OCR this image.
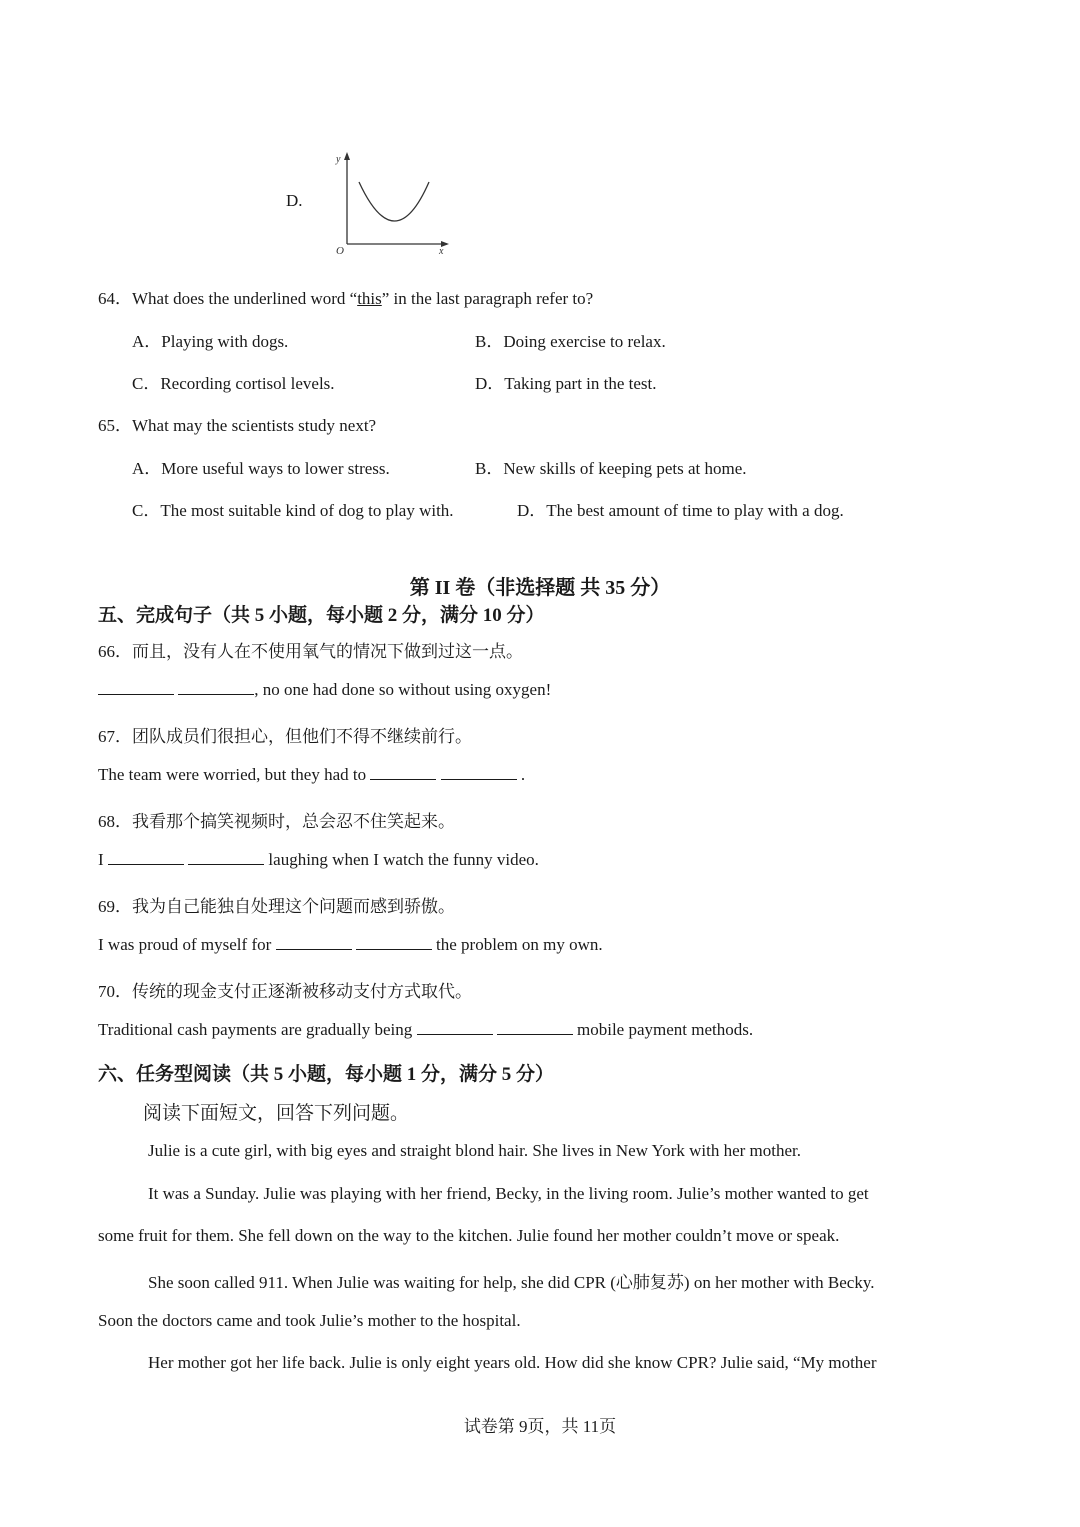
D.
y
x
O
64．What does the underlined word “this” in the last paragraph refer to?
A．Playing with dogs.	B．Doing exercise to relax.
C．Recording cortisol levels.	D．Taking part in the test.
65．What may the scientists study next?
A．More useful ways to lower stress.	B．New skills of keeping pets at home.
C．The most suitable kind of dog to play with.	D．The best amount of time to play with a dog.
第 II 卷（非选择题 共 35 分）
五、完成句子（共 5 小题，每小题 2 分，满分 10 分）
66．而且，没有人在不使用氧气的情况下做到过这一点。
, no one had done so without using oxygen!
67．团队成员们很担心，但他们不得不继续前行。
The team were worried, but they had to	.
68．我看那个搞笑视频时，总会忍不住笑起来。
I	laughing when I watch the funny video.
69．我为自己能独自处理这个问题而感到骄傲。
I was proud of myself for	the problem on my own.
70．传统的现金支付正逐渐被移动支付方式取代。
Traditional cash payments are gradually being	mobile payment methods.
六、任务型阅读（共 5 小题，每小题 1 分，满分 5 分）
阅读下面短文，回答下列问题。
Julie is a cute girl, with big eyes and straight blond hair. She lives in New York with her mother.
It was a Sunday. Julie was playing with her friend, Becky, in the living room. Julie’s mother wanted to get
some fruit for them. She fell down on the way to the kitchen. Julie found her mother couldn’t move or speak.
She soon called 911. When Julie was waiting for help, she did CPR (心肺复苏) on her mother with Becky.
Soon the doctors came and took Julie’s mother to the hospital.
Her mother got her life back. Julie is only eight years old. How did she know CPR? Julie said, “My mother
试卷第 9页，共 11页
